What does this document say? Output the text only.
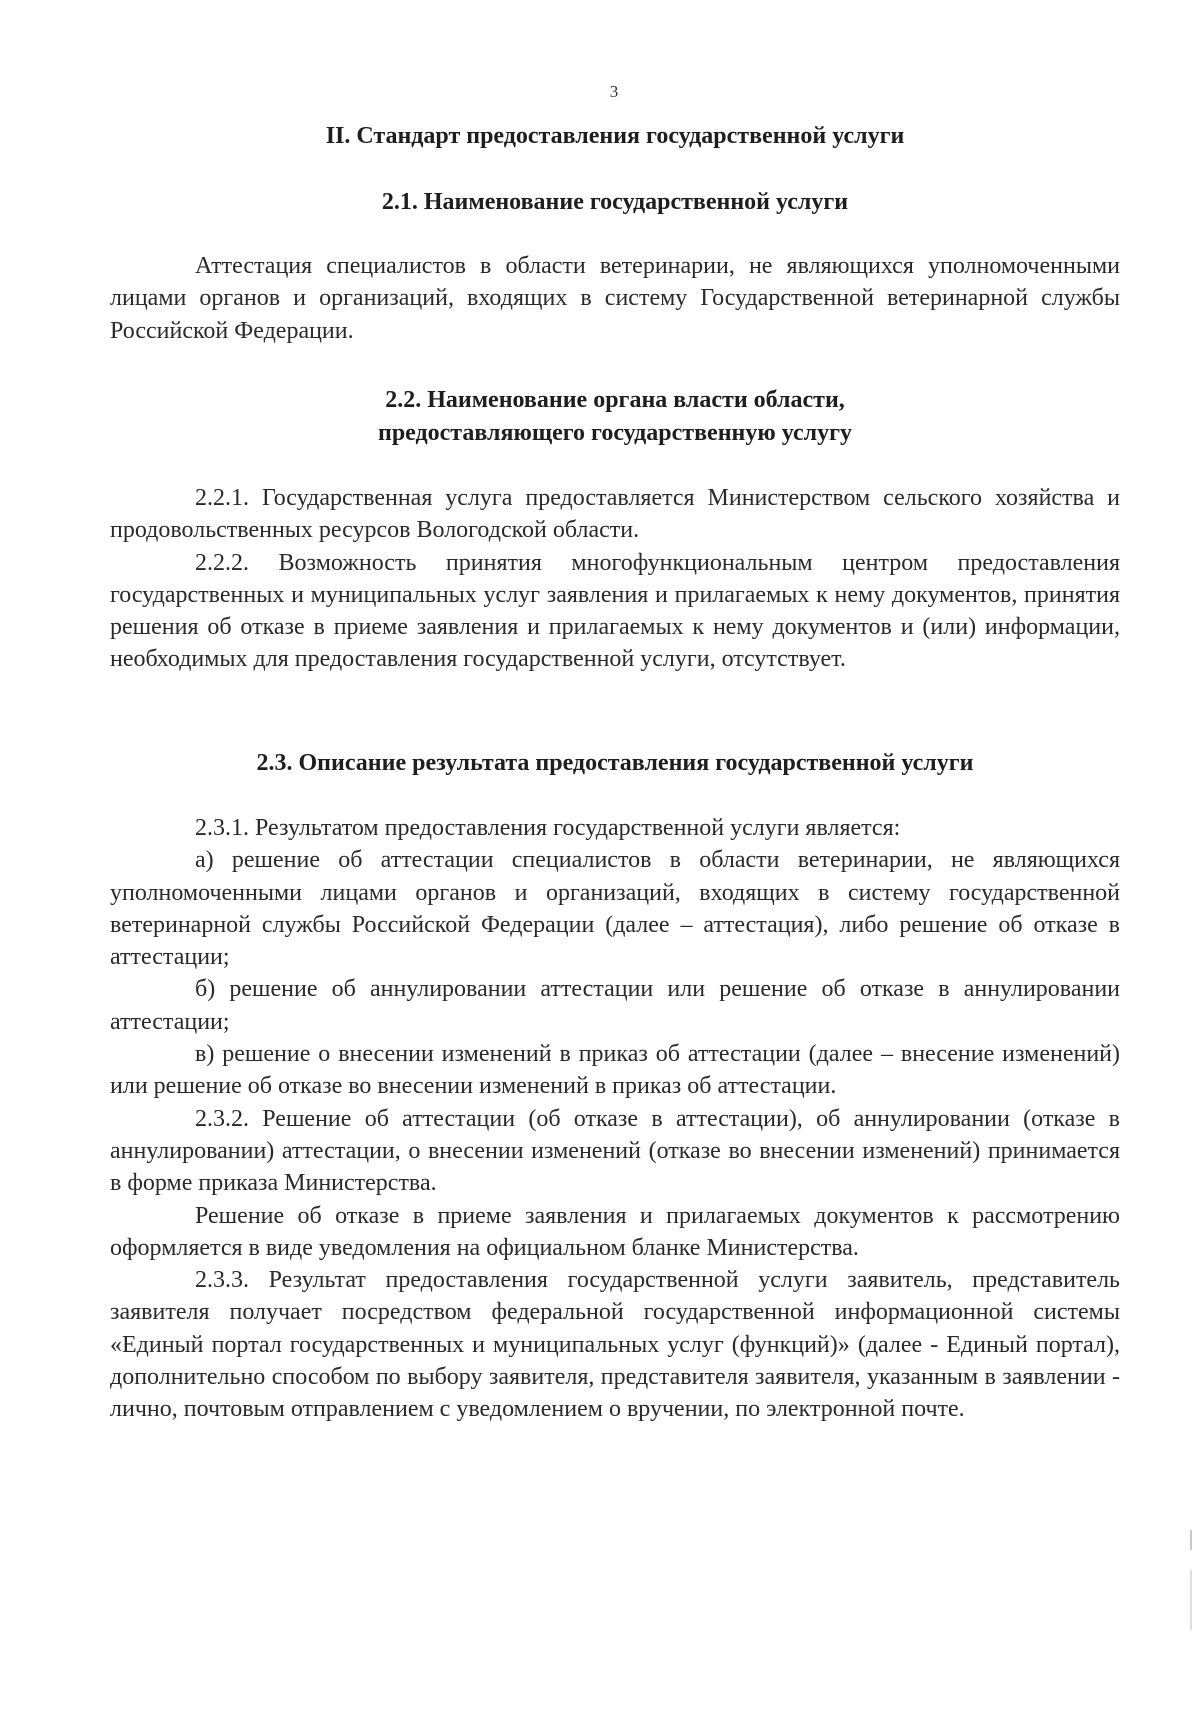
3
II. Стандарт предоставления государственной услуги
2.1. Наименование государственной услуги

Аттестация специалистов в области ветеринарии, не являющихся уполномоченными лицами органов и организаций, входящих в систему Государственной ветеринарной службы Российской Федерации.

2.2. Наименование органа власти области,
предоставляющего государственную услугу

2.2.1. Государственная услуга предоставляется Министерством сельского хозяйства и продовольственных ресурсов Вологодской области.

2.2.2. Возможность принятия многофункциональным центром предоставления государственных и муниципальных услуг заявления и прилагаемых к нему документов, принятия решения об отказе в приеме заявления и прилагаемых к нему документов и (или) информации, необходимых для предоставления государственной услуги, отсутствует.

2.3. Описание результата предоставления государственной услуги

2.3.1. Результатом предоставления государственной услуги является:

а) решение об аттестации специалистов в области ветеринарии, не являющихся уполномоченными лицами органов и организаций, входящих в систему государственной ветеринарной службы Российской Федерации (далее – аттестация), либо решение об отказе в аттестации;

б) решение об аннулировании аттестации или решение об отказе в аннулировании аттестации;

в) решение о внесении изменений в приказ об аттестации (далее – внесение изменений) или решение об отказе во внесении изменений в приказ об аттестации.

2.3.2. Решение об аттестации (об отказе в аттестации), об аннулировании (отказе в аннулировании) аттестации, о внесении изменений (отказе во внесении изменений) принимается в форме приказа Министерства.

Решение об отказе в приеме заявления и прилагаемых документов к рассмотрению оформляется в виде уведомления на официальном бланке Министерства.

2.3.3. Результат предоставления государственной услуги заявитель, представитель заявителя получает посредством федеральной государственной информационной системы «Единый портал государственных и муниципальных услуг (функций)» (далее - Единый портал), дополнительно способом по выбору заявителя, представителя заявителя, указанным в заявлении - лично, почтовым отправлением с уведомлением о вручении, по электронной почте.
